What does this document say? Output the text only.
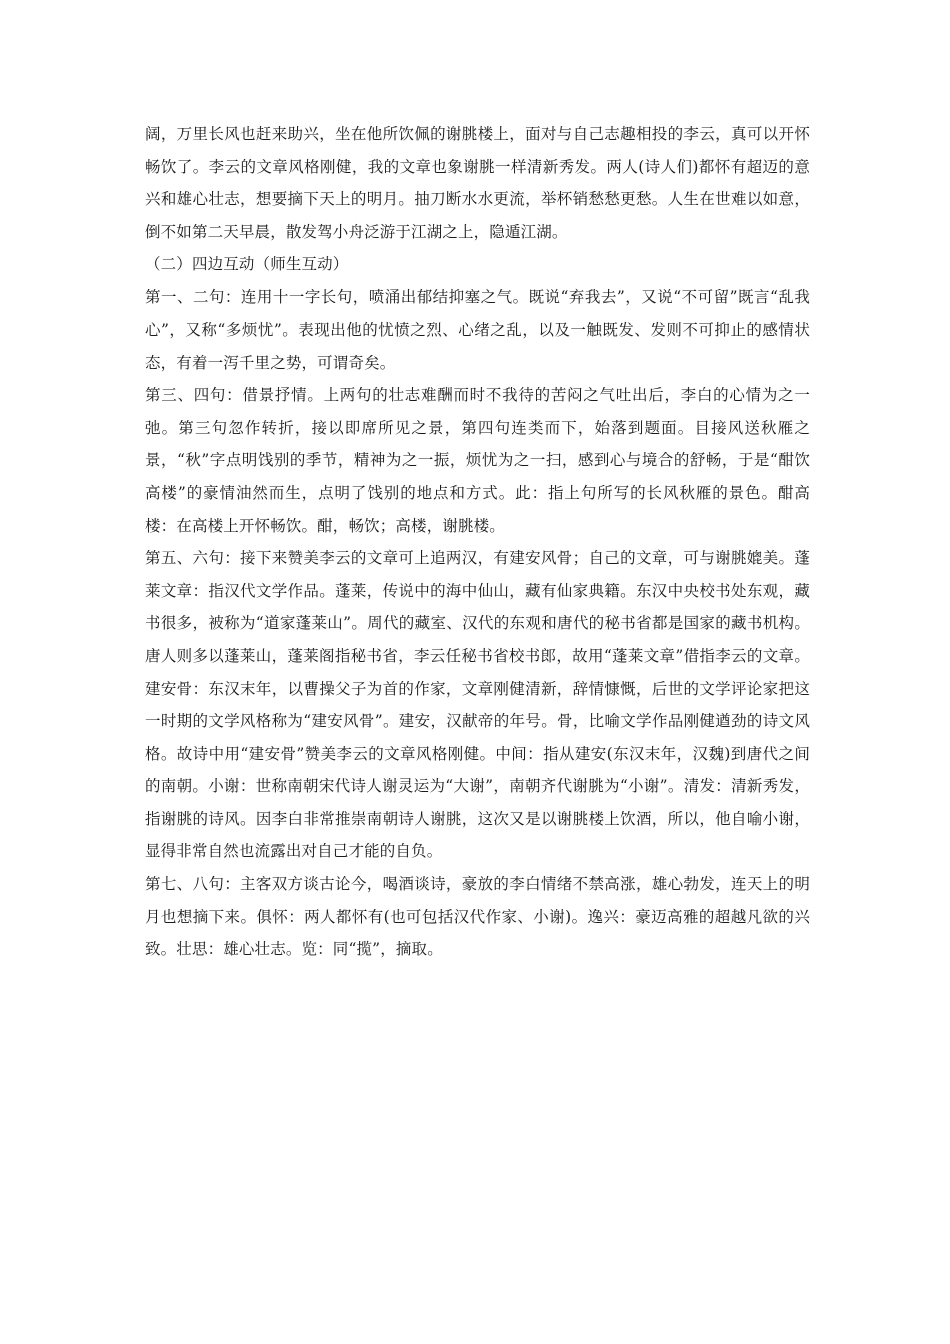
阔，万里长风也赶来助兴，坐在他所饮佩的谢朓楼上，面对与自己志趣相投的李云，真可以开怀畅饮了。李云的文章风格刚健，我的文章也象谢朓一样清新秀发。两人(诗人们)都怀有超迈的意兴和雄心壮志，想要摘下天上的明月。抽刀断水水更流，举杯销愁愁更愁。人生在世难以如意，倒不如第二天早晨，散发驾小舟泛游于江湖之上，隐遁江湖。

（二）四边互动（师生互动）

第一、二句：连用十一字长句，喷涌出郁结抑塞之气。既说“弃我去”，又说“不可留”既言“乱我心”，又称“多烦忧”。表现出他的忧愤之烈、心绪之乱，以及一触既发、发则不可抑止的感情状态，有着一泻千里之势，可谓奇矣。

第三、四句：借景抒情。上两句的壮志难酬而时不我待的苦闷之气吐出后，李白的心情为之一弛。第三句忽作转折，接以即席所见之景，第四句连类而下，始落到题面。目接风送秋雁之景，“秋”字点明饯别的季节，精神为之一振，烦忧为之一扫，感到心与境合的舒畅，于是“酣饮高楼”的豪情油然而生，点明了饯别的地点和方式。此：指上句所写的长风秋雁的景色。酣高楼：在高楼上开怀畅饮。酣，畅饮；高楼，谢朓楼。

第五、六句：接下来赞美李云的文章可上追两汉，有建安风骨；自己的文章，可与谢朓媲美。蓬莱文章：指汉代文学作品。蓬莱，传说中的海中仙山，藏有仙家典籍。东汉中央校书处东观，藏书很多，被称为“道家蓬莱山”。周代的藏室、汉代的东观和唐代的秘书省都是国家的藏书机构。唐人则多以蓬莱山，蓬莱阁指秘书省，李云任秘书省校书郎，故用“蓬莱文章”借指李云的文章。建安骨：东汉末年，以曹操父子为首的作家，文章刚健清新，辞情慷慨，后世的文学评论家把这一时期的文学风格称为“建安风骨”。建安，汉献帝的年号。骨，比喻文学作品刚健遒劲的诗文风格。故诗中用“建安骨”赞美李云的文章风格刚健。中间：指从建安(东汉末年，汉魏)到唐代之间的南朝。小谢：世称南朝宋代诗人谢灵运为“大谢”，南朝齐代谢朓为“小谢”。清发：清新秀发，指谢朓的诗风。因李白非常推崇南朝诗人谢朓，这次又是以谢朓楼上饮酒，所以，他自喻小谢，显得非常自然也流露出对自己才能的自负。

第七、八句：主客双方谈古论今，喝酒谈诗，豪放的李白情绪不禁高涨，雄心勃发，连天上的明月也想摘下来。俱怀：两人都怀有(也可包括汉代作家、小谢)。逸兴：豪迈高雅的超越凡欲的兴致。壮思：雄心壮志。览：同“揽”，摘取。
